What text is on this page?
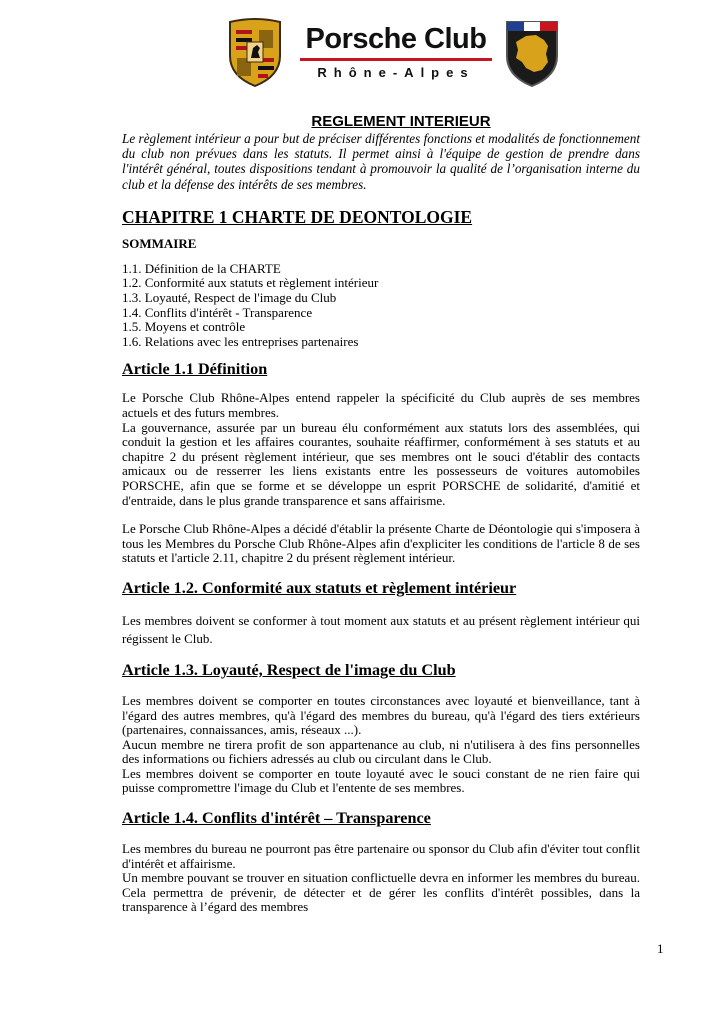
Porsche Club
Rhône-Alpes
REGLEMENT INTERIEUR

Le règlement intérieur a pour but de préciser différentes fonctions et modalités de fonctionnement du club non prévues dans les statuts. Il permet ainsi à l'équipe de gestion de prendre dans l'intérêt général, toutes dispositions tendant à promouvoir la qualité de l’organisation interne du club et la défense des intérêts de ses membres.

CHAPITRE 1 CHARTE DE DEONTOLOGIE
SOMMAIRE
1.1. Définition de la CHARTE
1.2. Conformité aux statuts et règlement intérieur
1.3. Loyauté, Respect de l'image du Club
1.4. Conflits d'intérêt - Transparence
1.5. Moyens et contrôle
1.6. Relations avec les entreprises partenaires
Article 1.1 Définition

Le Porsche Club Rhône-Alpes entend rappeler la spécificité du Club auprès de ses membres actuels et des futurs membres.

La gouvernance, assurée par un bureau élu conformément aux statuts lors des assemblées, qui conduit la gestion et les affaires courantes, souhaite réaffirmer, conformément à ses statuts et au chapitre 2 du présent règlement intérieur, que ses membres ont le souci d'établir des contacts amicaux ou de resserrer les liens existants entre les possesseurs de voitures automobiles PORSCHE, afin que se forme et se développe un esprit PORSCHE de solidarité, d'amitié et d'entraide, dans le plus grande transparence et sans affairisme.

Le Porsche Club Rhône-Alpes a décidé d'établir la présente Charte de Déontologie qui s'imposera à tous les Membres du Porsche Club Rhône-Alpes afin d'expliciter les conditions de l'article 8 de ses statuts et l'article 2.11, chapitre 2 du présent règlement intérieur.

Article 1.2. Conformité aux statuts et règlement intérieur

Les membres doivent se conformer à tout moment aux statuts et au présent règlement intérieur qui régissent le Club.

Article 1.3. Loyauté, Respect de l'image du Club

Les membres doivent se comporter en toutes circonstances avec loyauté et bienveillance, tant à l'égard des autres membres, qu'à l'égard des membres du bureau, qu'à l'égard des tiers extérieurs (partenaires, connaissances, amis, réseaux ...).

Aucun membre ne tirera profit de son appartenance au club, ni n'utilisera à des fins personnelles des informations ou fichiers adressés au club ou circulant dans le Club.

Les membres doivent se comporter en toute loyauté avec le souci constant de ne rien faire qui puisse compromettre l'image du Club et l'entente de ses membres.

Article 1.4. Conflits d'intérêt – Transparence

Les membres du bureau ne pourront pas être partenaire ou sponsor du Club afin d'éviter tout conflit d'intérêt et affairisme.

Un membre pouvant se trouver en situation conflictuelle devra en informer les membres du bureau. Cela permettra de prévenir, de détecter et de gérer les conflits d'intérêt possibles, dans la transparence à l’égard des membres

1
